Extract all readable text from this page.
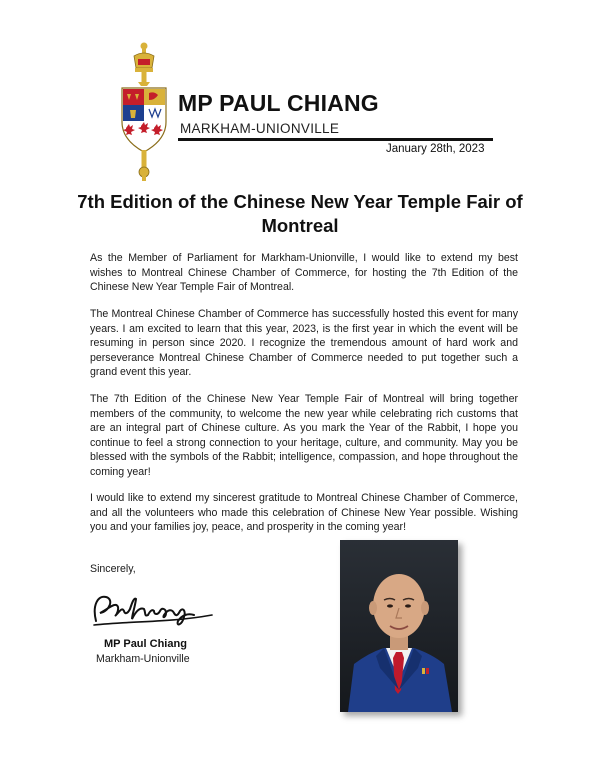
MP PAUL CHIANG
MARKHAM-UNIONVILLE
January 28th, 2023
7th Edition of the Chinese New Year Temple Fair of Montreal
As the Member of Parliament for Markham-Unionville, I would like to extend my best wishes to Montreal Chinese Chamber of Commerce, for hosting the 7th Edition of the Chinese New Year Temple Fair of Montreal.
The Montreal Chinese Chamber of Commerce has successfully hosted this event for many years. I am excited to learn that this year, 2023, is the first year in which the event will be resuming in person since 2020. I recognize the tremendous amount of hard work and perseverance Montreal Chinese Chamber of Commerce needed to put together such a grand event this year.
The 7th Edition of the Chinese New Year Temple Fair of Montreal will bring together members of the community, to welcome the new year while celebrating rich customs that are an integral part of Chinese culture. As you mark the Year of the Rabbit, I hope you continue to feel a strong connection to your heritage, culture, and community. May you be blessed with the symbols of the Rabbit; intelligence, compassion, and hope throughout the coming year!
I would like to extend my sincerest gratitude to Montreal Chinese Chamber of Commerce, and all the volunteers who made this celebration of Chinese New Year possible. Wishing you and your families joy, peace, and prosperity in the coming year!
Sincerely,
MP Paul Chiang
Markham-Unionville
